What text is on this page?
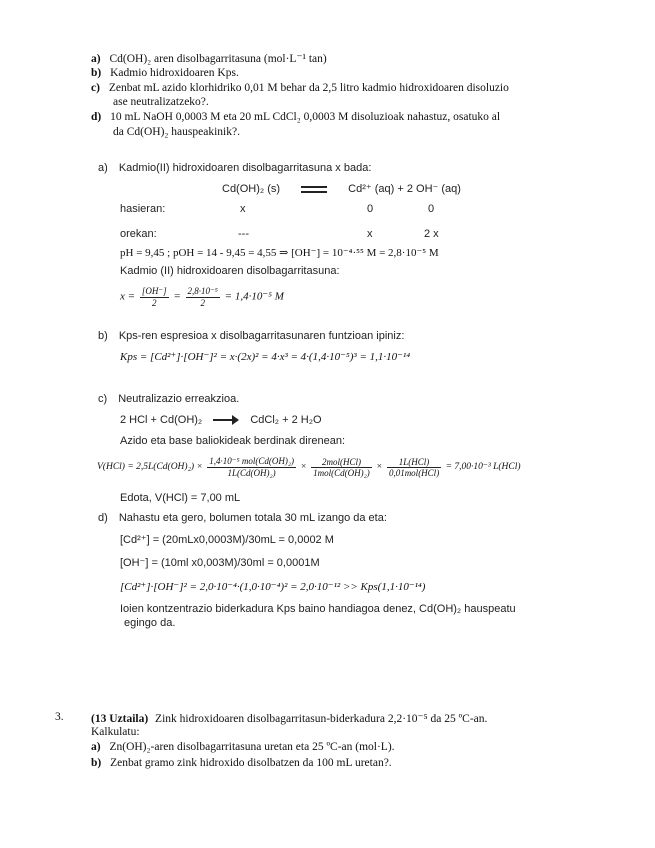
a) Cd(OH)₂ aren disolbagarritasuna (mol·L⁻¹ tan)
b) Kadmio hidroxidoaren Kps.
c) Zenbat mL azido klorhidriko 0,01 M behar da 2,5 litro kadmio hidroxidoaren disoluzio
ase neutralizatzeko?.
d) 10 mL NaOH 0,0003 M eta 20 mL CdCl₂ 0,0003 M disoluzioak nahastuz, osatuko al
da Cd(OH)₂ hauspeakinik?.
a) Kadmio(II) hidroxidoaren disolbagarritasuna x bada:
Cd(OH)₂ (s)	Cd²⁺ (aq) + 2 OH⁻ (aq)
hasieran:	x	0	0
orekan:	---	x	2 x
pH = 9,45 ; pOH = 14 - 9,45 = 4,55 ⇒ [OH⁻] = 10⁻⁴·⁵⁵ M = 2,8·10⁻⁵ M
Kadmio (II) hidroxidoaren disolbagarritasuna:
$x = \frac{[OH^-]}{2} = \frac{\text{2,8·10⁻⁵}}{2} = 1,4\cdot 10^{-5}$ M
b) Kps-ren espresioa x disolbagarritasunaren funtzioan ipiniz:
Kps = [Cd²⁺]·[OH⁻]² = x·(2x)² = 4·x³ = 4·(1,4·10⁻⁵)³ = 1,1·10⁻¹⁴
c) Neutralizazio erreakzioa.
2 HCl + Cd(OH)₂ → CdCl₂ + 2 H₂O
Azido eta base baliokideak berdinak direnean:
$V(HCl) = 2,5L(Cd(OH)_2) \times \frac{\text{1,4·10⁻⁵ mol(Cd(OH)₂)}}{\text{1L(Cd(OH)₂)}} \times \frac{\text{2mol(HCl)}}{\text{1mol(Cd(OH)₂)}} \times \frac{\text{1L(HCl)}}{\text{0,01mol(HCl)}} = 7,00\cdot 10^{-3}$ L(HCl)
Edota, V(HCl) = 7,00 mL
d) Nahastu eta gero, bolumen totala 30 mL izango da eta:
[Cd²⁺] = (20mLx0,0003M)/30mL = 0,0002 M
[OH⁻] = (10ml x0,003M)/30ml = 0,0001M
[Cd²⁺]·[OH⁻]² = 2,0·10⁻⁴·(1,0·10⁻⁴)² = 2,0·10⁻¹² >> Kps(1,1·10⁻¹⁴)
Ioien kontzentrazio biderkadura Kps baino handiagoa denez, Cd(OH)₂ hauspeatu
egingo da.
3. (13 Uztaila) Zink hidroxidoaren disolbagarritasun-biderkadura 2,2·10⁻⁵ da 25 ºC-an.
Kalkulatu:
a) Zn(OH)₂-aren disolbagarritasuna uretan eta 25 ºC-an (mol·L).
b) Zenbat gramo zink hidroxido disolbatzen da 100 mL uretan?.
